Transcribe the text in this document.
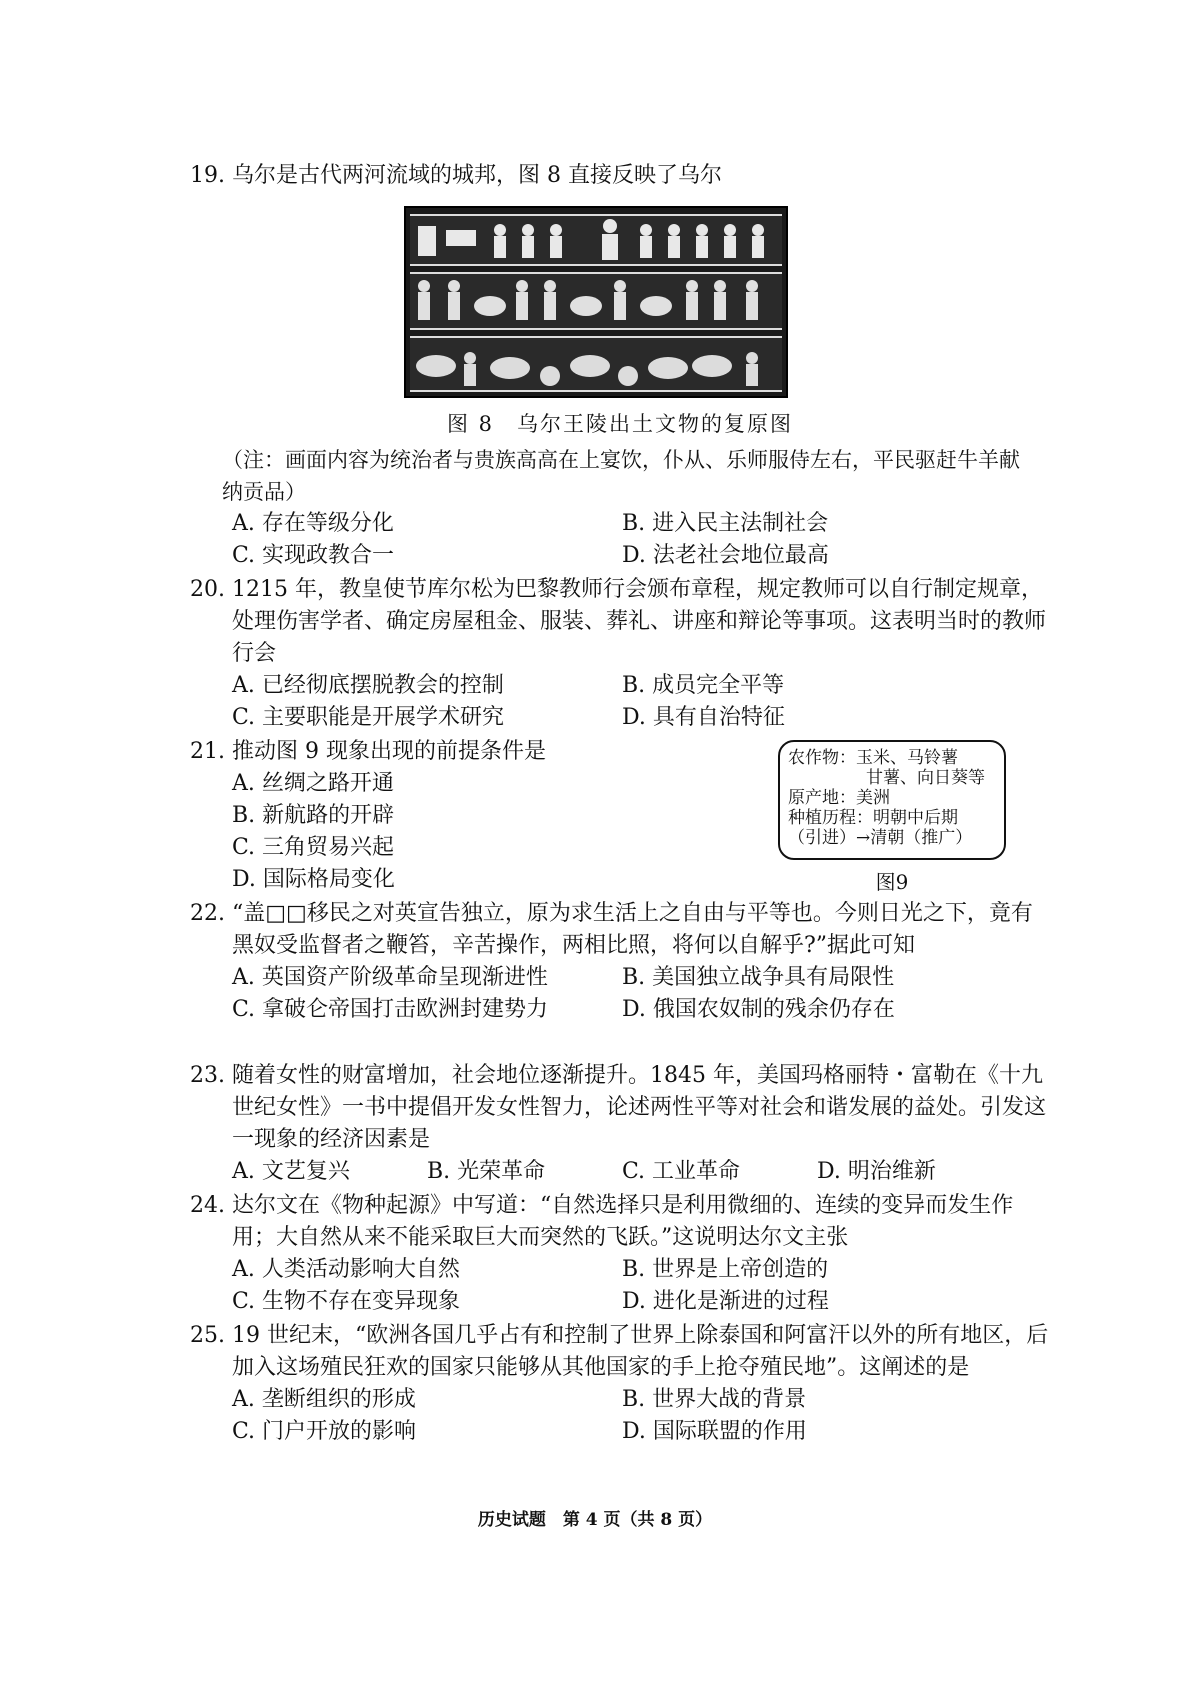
19. 乌尔是古代两河流域的城邦，图 8 直接反映了乌尔
图 8　乌尔王陵出土文物的复原图
（注：画面内容为统治者与贵族高高在上宴饮，仆从、乐师服侍左右，平民驱赶牛羊献纳贡品）
A. 存在等级分化	B. 进入民主法制社会
C. 实现政教合一	D. 法老社会地位最高
20. 1215 年，教皇使节库尔松为巴黎教师行会颁布章程，规定教师可以自行制定规章，处理伤害学者、确定房屋租金、服装、葬礼、讲座和辩论等事项。这表明当时的教师行会
A. 已经彻底摆脱教会的控制	B. 成员完全平等
C. 主要职能是开展学术研究	D. 具有自治特征
21. 推动图 9 现象出现的前提条件是
A. 丝绸之路开通
B. 新航路的开辟
C. 三角贸易兴起
D. 国际格局变化
农作物：玉米、马铃薯
甘薯、向日葵等
原产地：美洲
种植历程：明朝中后期
（引进）→清朝（推广）
图9
22. “盖□□移民之对英宣告独立，原为求生活上之自由与平等也。今则日光之下，竟有黑奴受监督者之鞭笞，辛苦操作，两相比照，将何以自解乎?”据此可知
A. 英国资产阶级革命呈现渐进性	B. 美国独立战争具有局限性
C. 拿破仑帝国打击欧洲封建势力	D. 俄国农奴制的残余仍存在
23. 随着女性的财富增加，社会地位逐渐提升。1845 年，美国玛格丽特・富勒在《十九世纪女性》一书中提倡开发女性智力，论述两性平等对社会和谐发展的益处。引发这一现象的经济因素是
A. 文艺复兴	B. 光荣革命	C. 工业革命	D. 明治维新
24. 达尔文在《物种起源》中写道：“自然选择只是利用微细的、连续的变异而发生作用；大自然从来不能采取巨大而突然的飞跃。”这说明达尔文主张
A. 人类活动影响大自然	B. 世界是上帝创造的
C. 生物不存在变异现象	D. 进化是渐进的过程
25. 19 世纪末，“欧洲各国几乎占有和控制了世界上除泰国和阿富汗以外的所有地区，后加入这场殖民狂欢的国家只能够从其他国家的手上抢夺殖民地”。这阐述的是
A. 垄断组织的形成	B. 世界大战的背景
C. 门户开放的影响	D. 国际联盟的作用
历史试题　第 4 页（共 8 页）
